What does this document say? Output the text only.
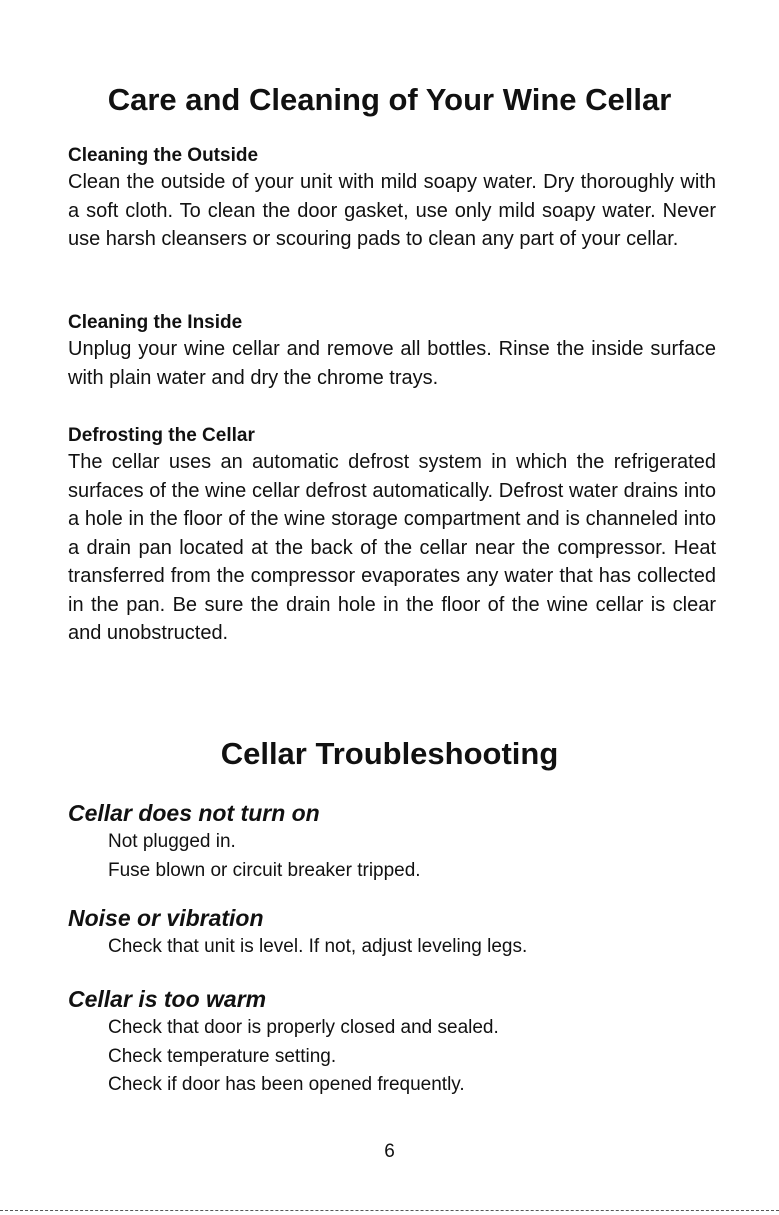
Care and Cleaning of Your Wine Cellar
Cleaning the Outside

Clean the outside of your unit with mild soapy water. Dry thoroughly with a soft cloth. To clean the door gasket, use only mild soapy water. Never use harsh cleansers or scouring pads to clean any part of your cellar.

Cleaning the Inside

Unplug your wine cellar and remove all bottles. Rinse the inside surface with plain water and dry the chrome trays.

Defrosting the Cellar

The cellar uses an automatic defrost system in which the refrigerated surfaces of the wine cellar defrost automatically. Defrost water drains into a hole in the floor of the wine storage compartment and is channeled into a drain pan located at the back of the cellar near the compressor. Heat transferred from the compressor evaporates any water that has collected in the pan. Be sure the drain hole in the floor of the wine cellar is clear and unobstructed.

Cellar Troubleshooting
Cellar does not turn on
Not plugged in.
Fuse blown or circuit breaker tripped.
Noise or vibration
Check that unit is level. If not, adjust leveling legs.
Cellar is too warm
Check that door is properly closed and sealed.
Check temperature setting.
Check if door has been opened frequently.
6
